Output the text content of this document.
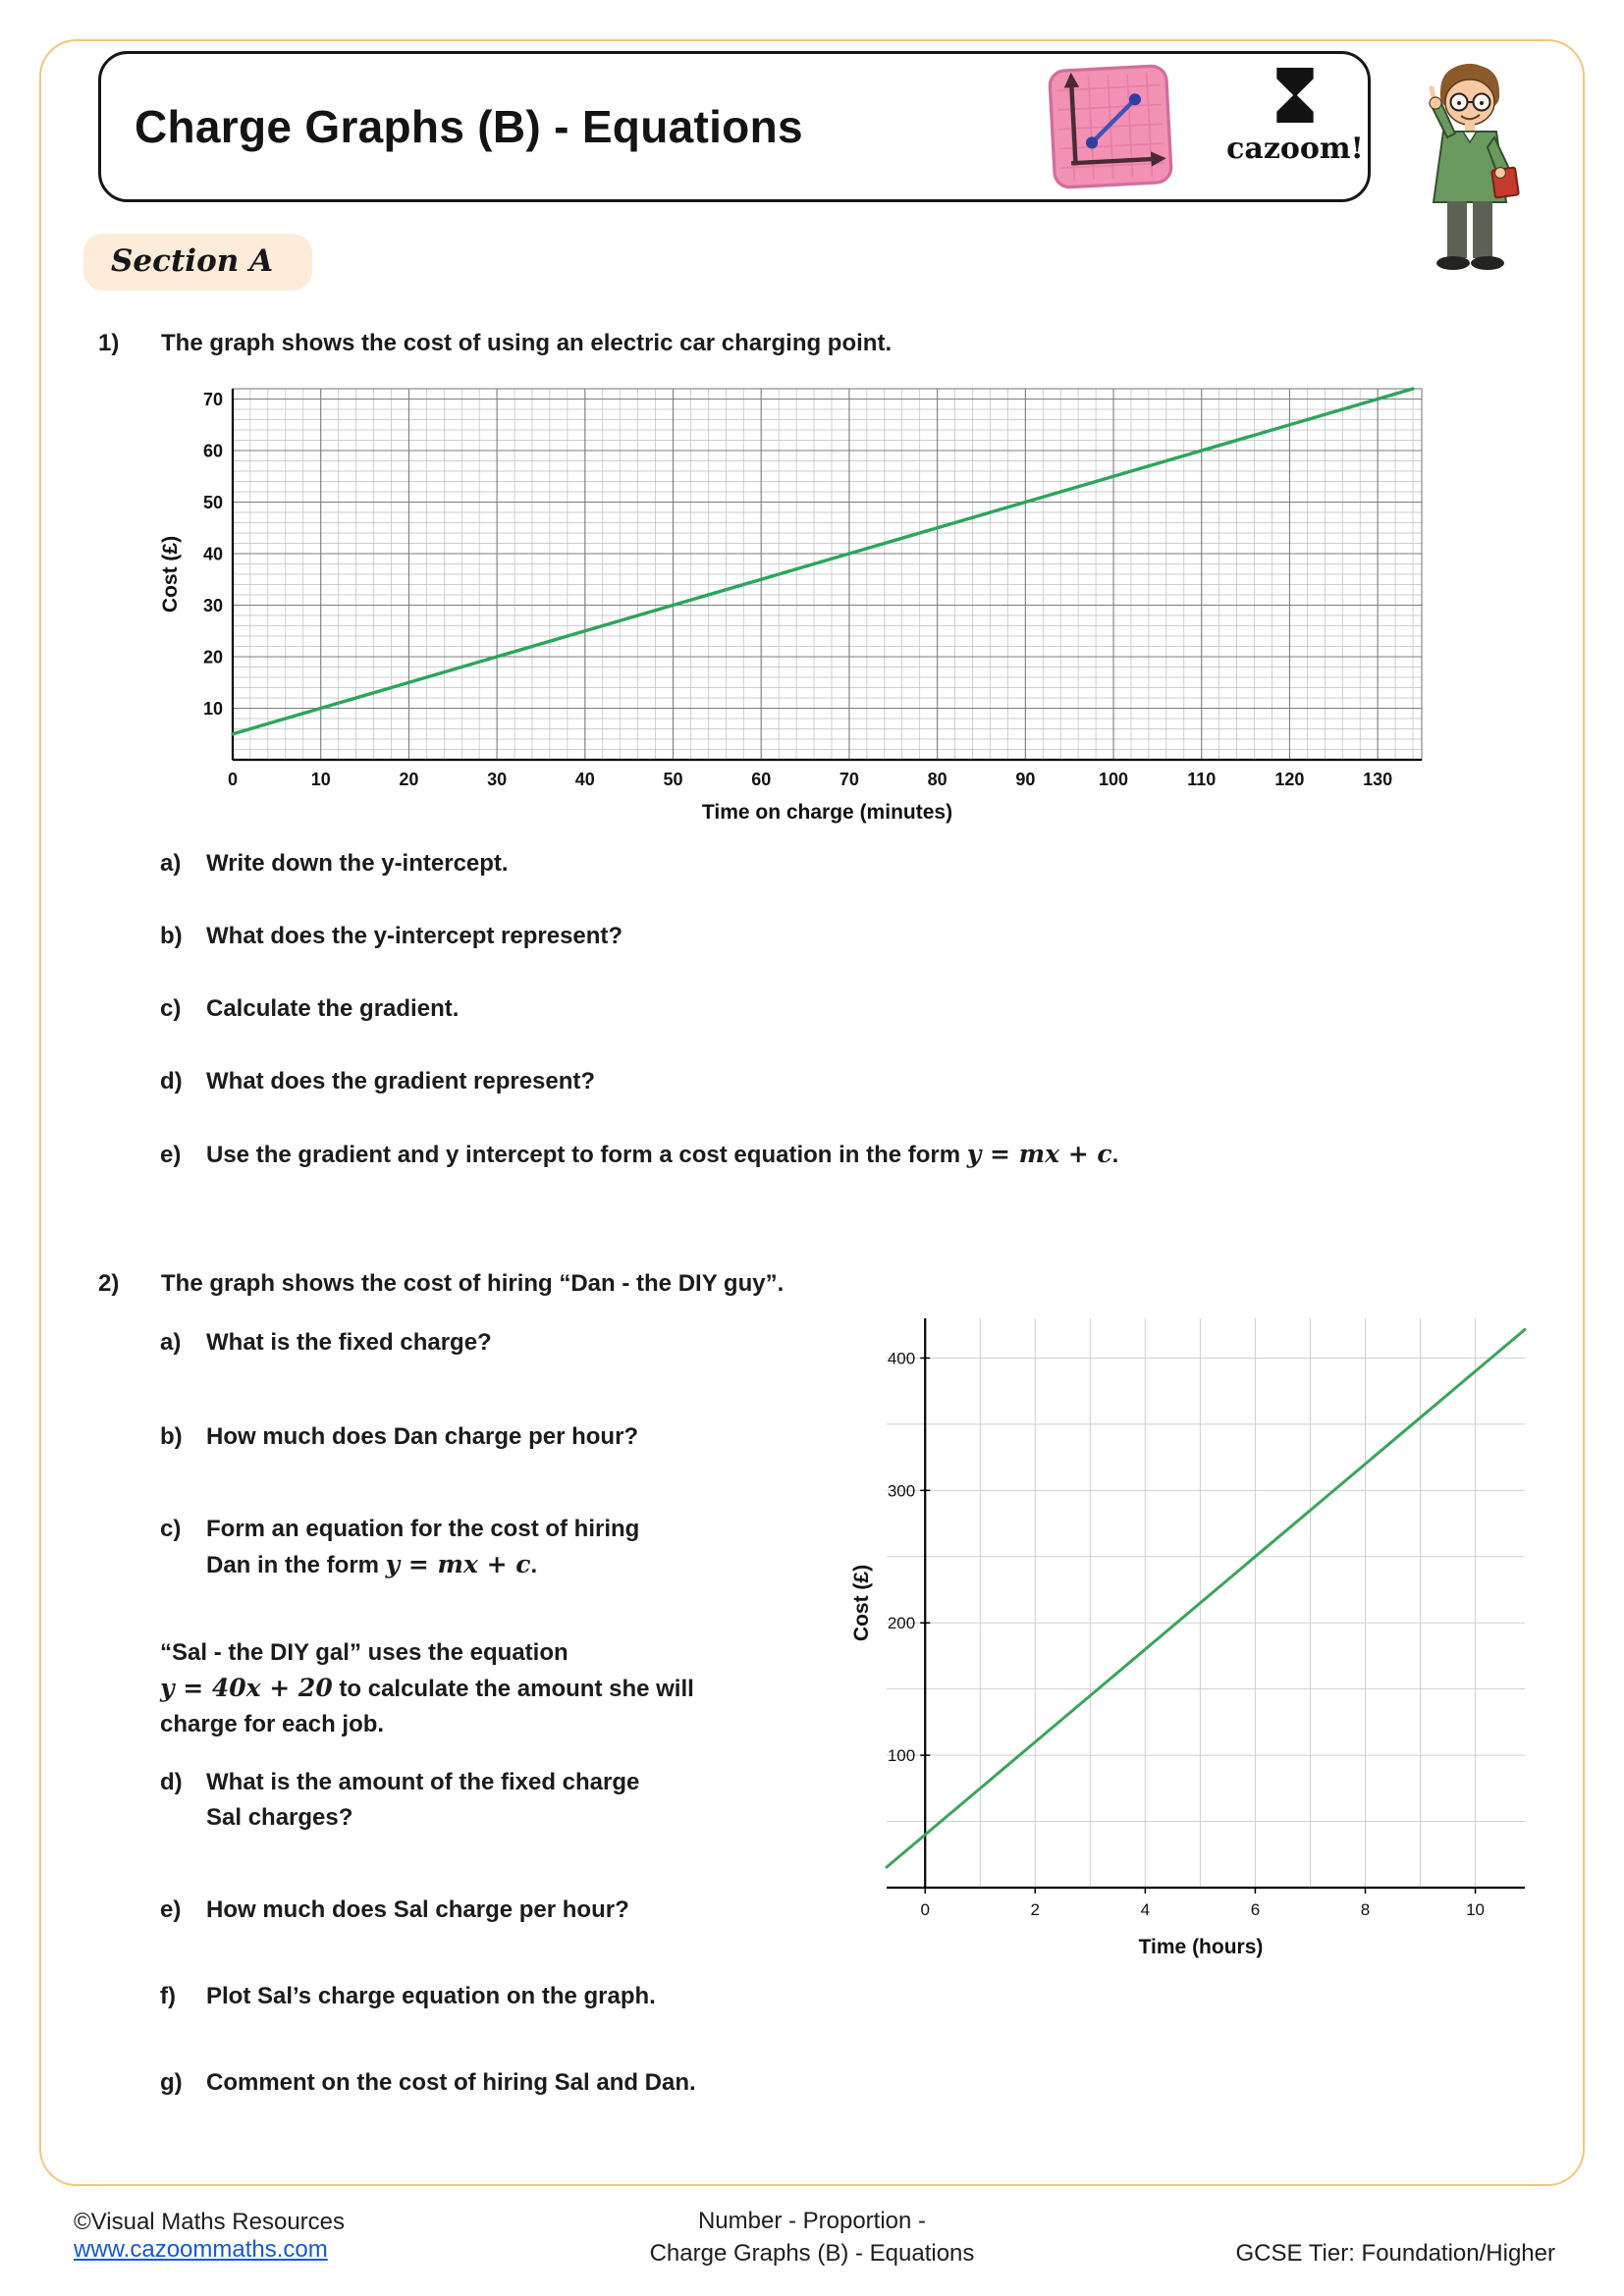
Charge Graphs (B) - Equations	cazoom!
Section A
1) The graph shows the cost of using an electric car charging point.
0	10	20	30	40	50	60	70	80	90	100	110	120	130
10
20
30
40
50
60
70
Time on charge (minutes)
Cost (£)
a) Write down the y-intercept.
b) What does the y-intercept represent?
c) Calculate the gradient.
d) What does the gradient represent?
e) Use the gradient and y intercept to form a cost equation in the form y = mx + c.
2) The graph shows the cost of hiring “Dan - the DIY guy”.
a) What is the fixed charge?
b) How much does Dan charge per hour?
c) Form an equation for the cost of hiring
Dan in the form y = mx + c.
“Sal - the DIY gal” uses the equation
y = 40x + 20 to calculate the amount she will
charge for each job.
d) What is the amount of the fixed charge
Sal charges?
e) How much does Sal charge per hour?
f) Plot Sal’s charge equation on the graph.
g) Comment on the cost of hiring Sal and Dan.
0	2	4	6	8	10
100
200
300
400
Time (hours)
Cost (£)
©Visual Maths Resources
www.cazoommaths.com
Number - Proportion -
Charge Graphs (B) - Equations	GCSE Tier: Foundation/Higher
